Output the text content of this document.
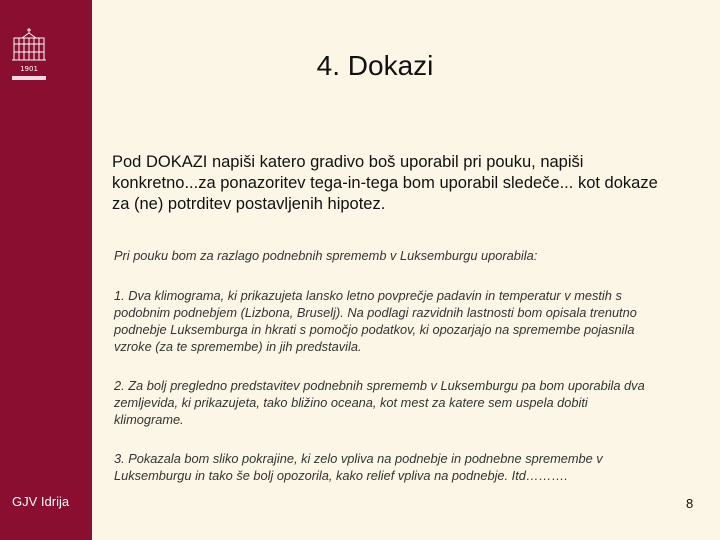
1901
GJV Idrija
4. Dokazi
Pod DOKAZI napiši katero gradivo boš uporabil pri pouku, napiši konkretno...za ponazoritev tega-in-tega bom uporabil sledeče... kot dokaze za (ne) potrditev postavljenih hipotez.
Pri pouku bom za razlago podnebnih sprememb v Luksemburgu uporabila:
1. Dva klimograma, ki prikazujeta lansko letno povprečje padavin in temperatur v mestih s podobnim podnebjem (Lizbona, Bruselj). Na podlagi razvidnih lastnosti bom opisala trenutno podnebje Luksemburga in hkrati s pomočjo podatkov, ki opozarjajo na spremembe pojasnila vzroke (za te spremembe) in jih predstavila.
2. Za bolj pregledno predstavitev podnebnih sprememb v Luksemburgu pa bom uporabila dva zemljevida, ki prikazujeta, tako bližino oceana, kot mest za katere sem uspela dobiti klimograme.
3. Pokazala bom sliko pokrajine, ki zelo vpliva na podnebje in podnebne spremembe v Luksemburgu in tako še bolj opozorila, kako relief vpliva na podnebje. Itd……….
8
